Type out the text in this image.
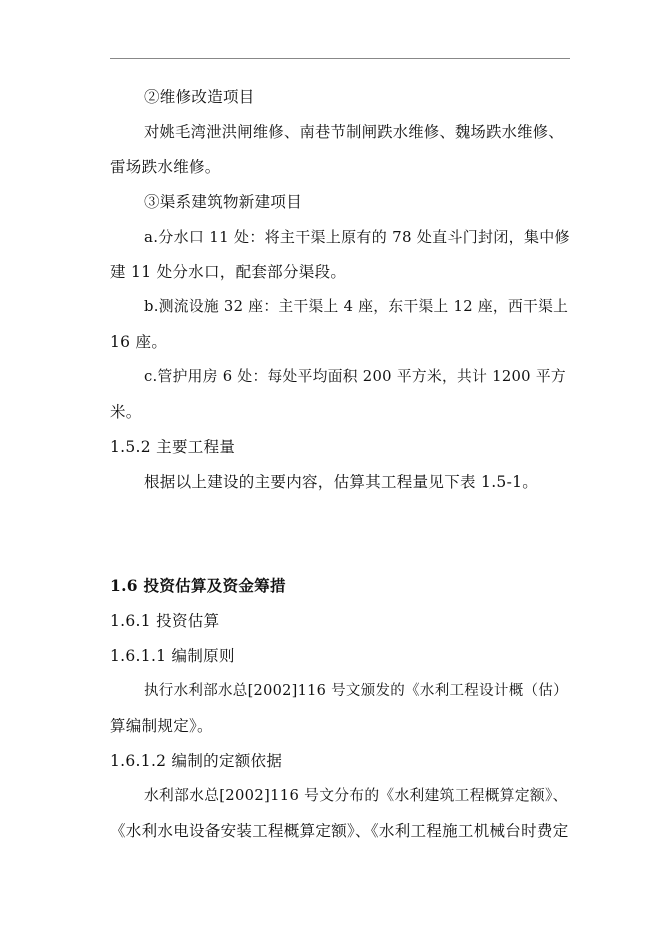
②维修改造项目
对姚毛湾泄洪闸维修、南巷节制闸跌水维修、魏场跌水维修、
雷场跌水维修。
③渠系建筑物新建项目
a.分水口 11 处：将主干渠上原有的 78 处直斗门封闭，集中修
建 11 处分水口，配套部分渠段。
b.测流设施 32 座：主干渠上 4 座，东干渠上 12 座，西干渠上
16 座。
c.管护用房 6 处：每处平均面积 200 平方米，共计 1200 平方
米。
1.5.2 主要工程量
根据以上建设的主要内容，估算其工程量见下表 1.5-1。
1.6 投资估算及资金筹措
1.6.1 投资估算
1.6.1.1 编制原则
执行水利部水总[2002]116 号文颁发的《水利工程设计概（估）
算编制规定》。
1.6.1.2 编制的定额依据
水利部水总[2002]116 号文分布的《水利建筑工程概算定额》、
《水利水电设备安装工程概算定额》、《水利工程施工机械台时费定
